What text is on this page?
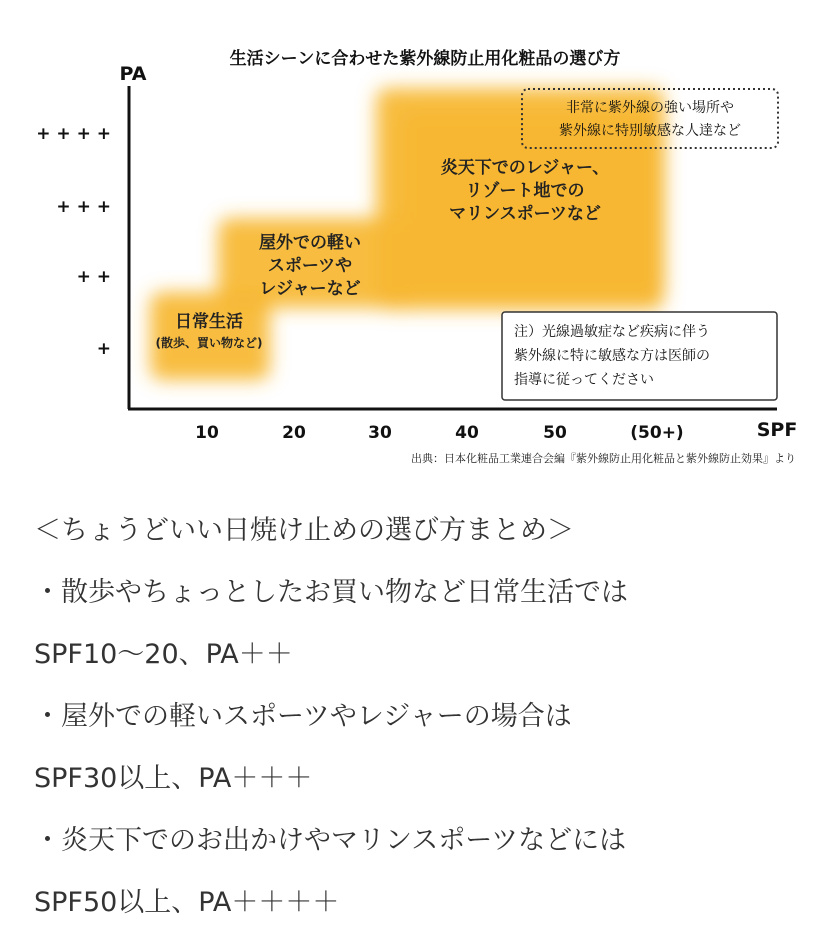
生活シーンに合わせた紫外線防止用化粧品の選び方
PA
SPF
10	20	30	40	50	(50+)
+
+ +
+ + +
+ + + +
日常生活
(散歩、買い物など)
屋外での軽い
スポーツや
レジャーなど
炎天下でのレジャー、
リゾート地での
マリンスポーツなど
非常に紫外線の強い場所や
紫外線に特別敏感な人達など
注）光線過敏症など疾病に伴う
紫外線に特に敏感な方は医師の
指導に従ってください
出典：日本化粧品工業連合会編『紫外線防止用化粧品と紫外線防止効果』より
＜ちょうどいい日焼け止めの選び方まとめ＞
・散歩やちょっとしたお買い物など日常生活では
SPF10〜20、PA＋＋
・屋外での軽いスポーツやレジャーの場合は
SPF30以上、PA＋＋＋
・炎天下でのお出かけやマリンスポーツなどには
SPF50以上、PA＋＋＋＋
